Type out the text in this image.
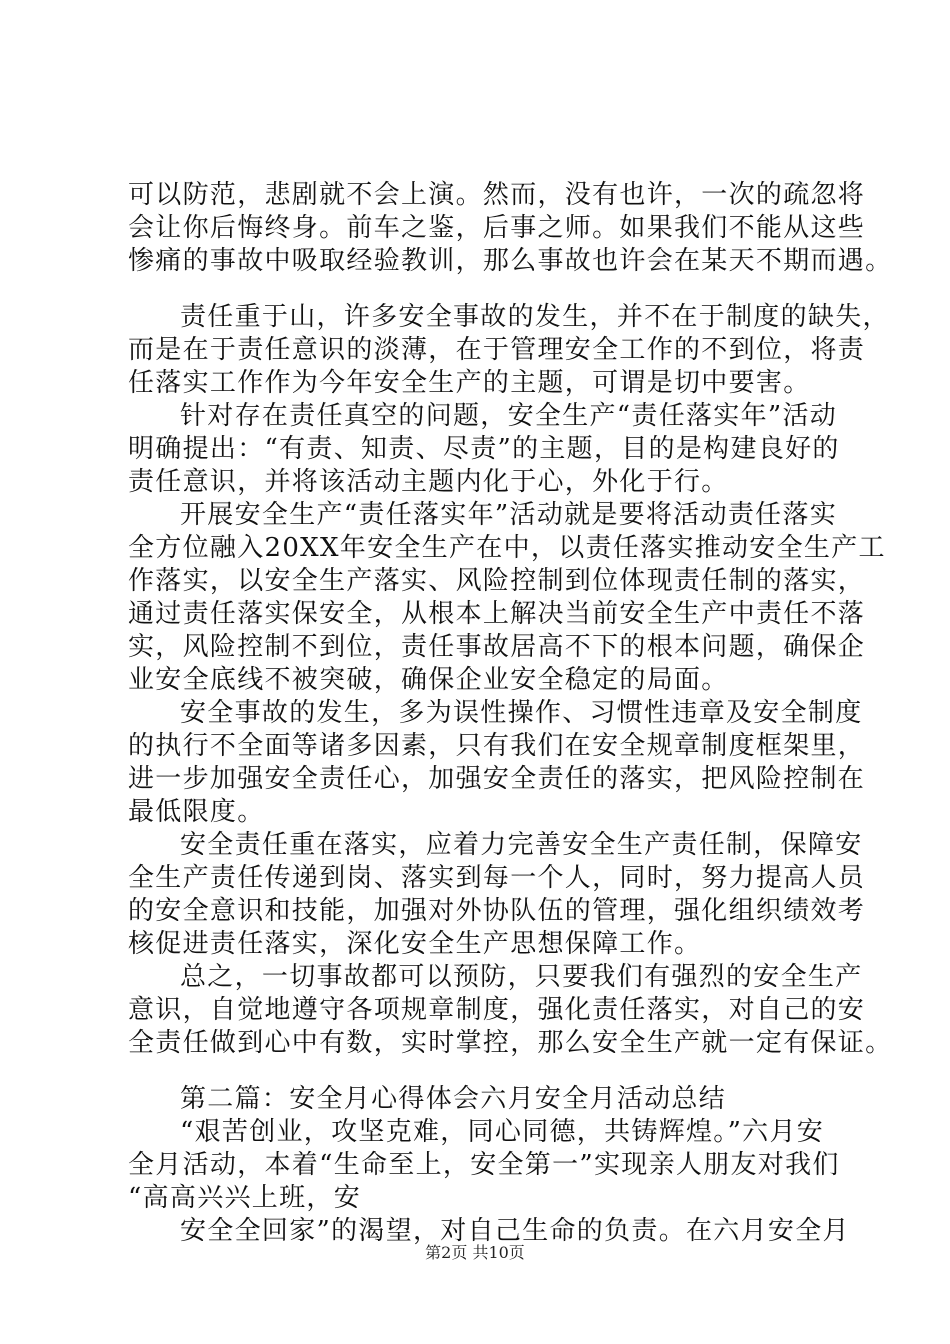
可以防范，悲剧就不会上演。然而，没有也许，一次的疏忽将
会让你后悔终身。前车之鉴，后事之师。如果我们不能从这些
惨痛的事故中吸取经验教训，那么事故也许会在某天不期而遇。
责任重于山，许多安全事故的发生，并不在于制度的缺失，
而是在于责任意识的淡薄，在于管理安全工作的不到位，将责
任落实工作作为今年安全生产的主题，可谓是切中要害。
针对存在责任真空的问题，安全生产“责任落实年”活动
明确提出：“有责、知责、尽责”的主题，目的是构建良好的
责任意识，并将该活动主题内化于心，外化于行。
开展安全生产“责任落实年”活动就是要将活动责任落实
全方位融入20XX年安全生产在中，以责任落实推动安全生产工
作落实，以安全生产落实、风险控制到位体现责任制的落实，
通过责任落实保安全，从根本上解决当前安全生产中责任不落
实，风险控制不到位，责任事故居高不下的根本问题，确保企
业安全底线不被突破，确保企业安全稳定的局面。
安全事故的发生，多为误性操作、习惯性违章及安全制度
的执行不全面等诸多因素，只有我们在安全规章制度框架里，
进一步加强安全责任心，加强安全责任的落实，把风险控制在
最低限度。
安全责任重在落实，应着力完善安全生产责任制，保障安
全生产责任传递到岗、落实到每一个人，同时，努力提高人员
的安全意识和技能，加强对外协队伍的管理，强化组织绩效考
核促进责任落实，深化安全生产思想保障工作。
总之，一切事故都可以预防，只要我们有强烈的安全生产
意识，自觉地遵守各项规章制度，强化责任落实，对自己的安
全责任做到心中有数，实时掌控，那么安全生产就一定有保证。
第二篇：安全月心得体会六月安全月活动总结
“艰苦创业，攻坚克难，同心同德，共铸辉煌。”六月安
全月活动，本着“生命至上，安全第一”实现亲人朋友对我们
“高高兴兴上班，安
安全全回家”的渴望，对自己生命的负责。在六月安全月
第2页 共10页
